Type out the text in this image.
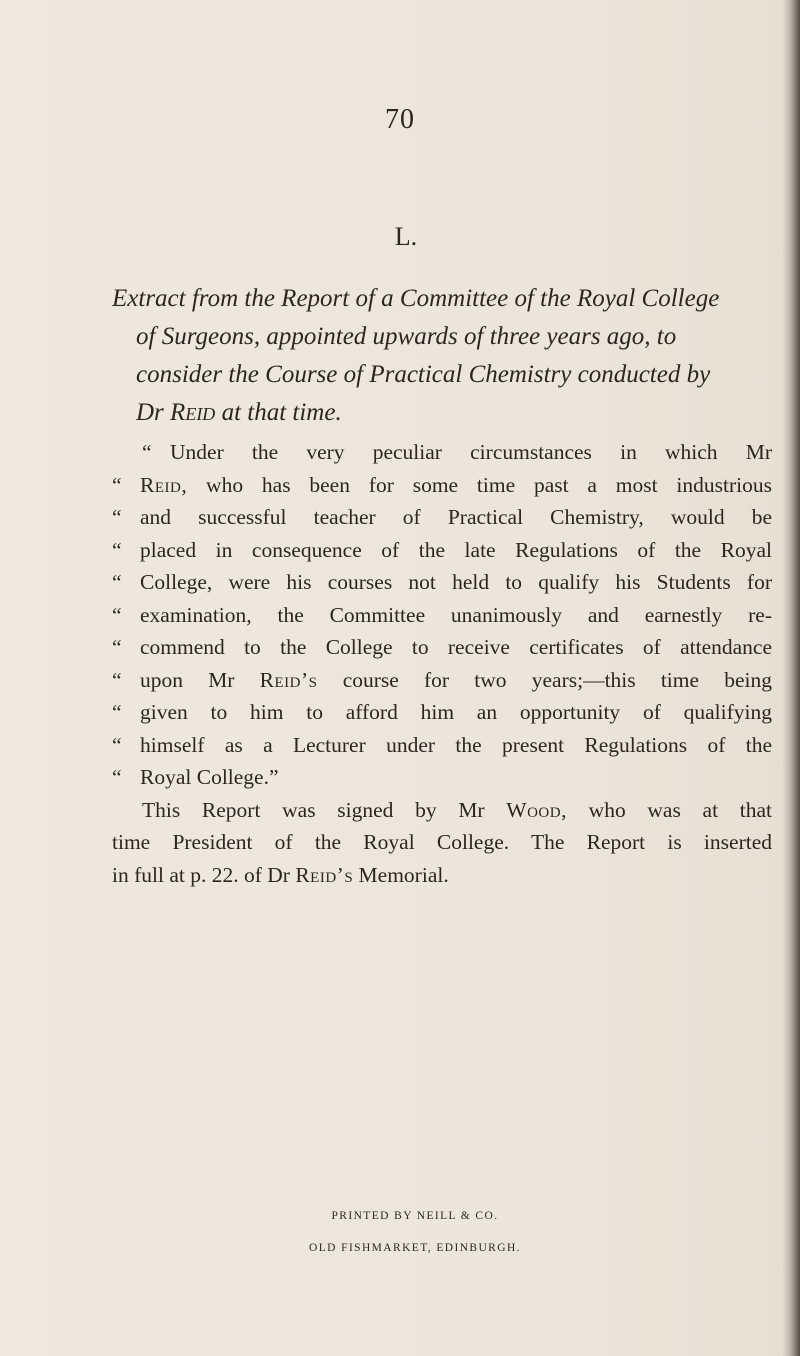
70
L.
Extract from the Report of a Committee of the Royal College
of Surgeons, appointed upwards of three years ago, to
consider the Course of Practical Chemistry conducted by
Dr Reid at that time.
“ Under the very peculiar circumstances in which Mr
“ Reid, who has been for some time past a most industrious
“ and successful teacher of Practical Chemistry, would be
“ placed in consequence of the late Regulations of the Royal
“ College, were his courses not held to qualify his Students for
“ examination, the Committee unanimously and earnestly re-
“ commend to the College to receive certificates of attendance
“ upon Mr Reid’s course for two years;—this time being
“ given to him to afford him an opportunity of qualifying
“ himself as a Lecturer under the present Regulations of the
“ Royal College.”
This Report was signed by Mr Wood, who was at that
time President of the Royal College. The Report is inserted
in full at p. 22. of Dr Reid’s Memorial.
PRINTED BY NEILL & CO.
OLD FISHMARKET, EDINBURGH.
